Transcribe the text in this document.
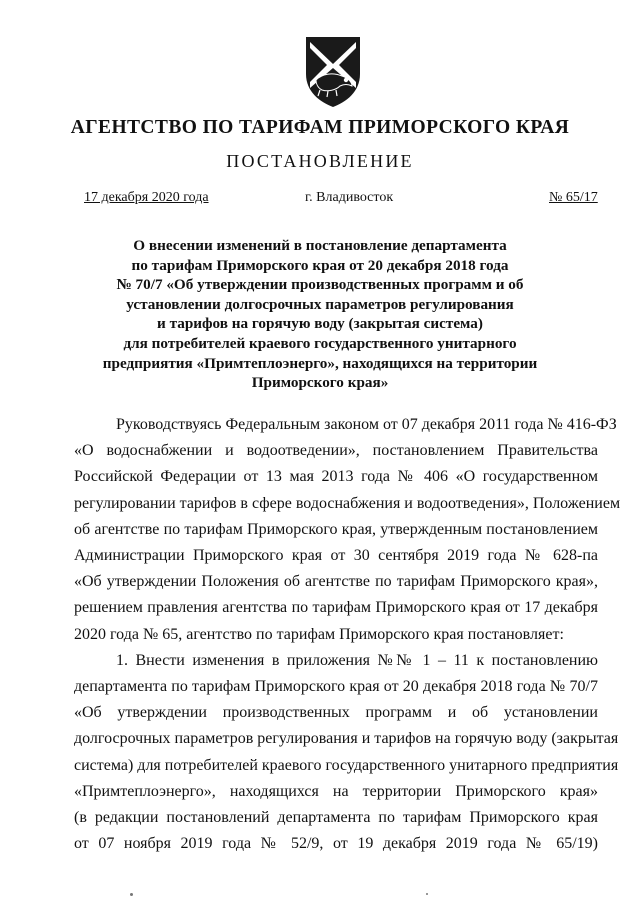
АГЕНТСТВО ПО ТАРИФАМ ПРИМОРСКОГО КРАЯ
ПОСТАНОВЛЕНИЕ
17 декабря 2020 года	г. Владивосток	№ 65/17
О внесении изменений в постановление департамента
по тарифам Приморского края от 20 декабря 2018 года
№ 70/7 «Об утверждении производственных программ и об
установлении долгосрочных параметров регулирования
и тарифов на горячую воду (закрытая система)
для потребителей краевого государственного унитарного
предприятия «Примтеплоэнерго», находящихся на территории
Приморского края»
Руководствуясь Федеральным законом от 07 декабря 2011 года № 416-ФЗ
«О водоснабжении и водоотведении», постановлением Правительства
Российской Федерации от 13 мая 2013 года № 406 «О государственном
регулировании тарифов в сфере водоснабжения и водоотведения», Положением
об агентстве по тарифам Приморского края, утвержденным постановлением
Администрации Приморского края от 30 сентября 2019 года № 628-па
«Об утверждении Положения об агентстве по тарифам Приморского края»,
решением правления агентства по тарифам Приморского края от 17 декабря
2020 года № 65, агентство по тарифам Приморского края постановляет:
1. Внести изменения в приложения №№ 1 – 11 к постановлению
департамента по тарифам Приморского края от 20 декабря 2018 года № 70/7
«Об утверждении производственных программ и об установлении
долгосрочных параметров регулирования и тарифов на горячую воду (закрытая
система) для потребителей краевого государственного унитарного предприятия
«Примтеплоэнерго», находящихся на территории Приморского края»
(в редакции постановлений департамента по тарифам Приморского края
от 07 ноября 2019 года № 52/9, от 19 декабря 2019 года № 65/19)
